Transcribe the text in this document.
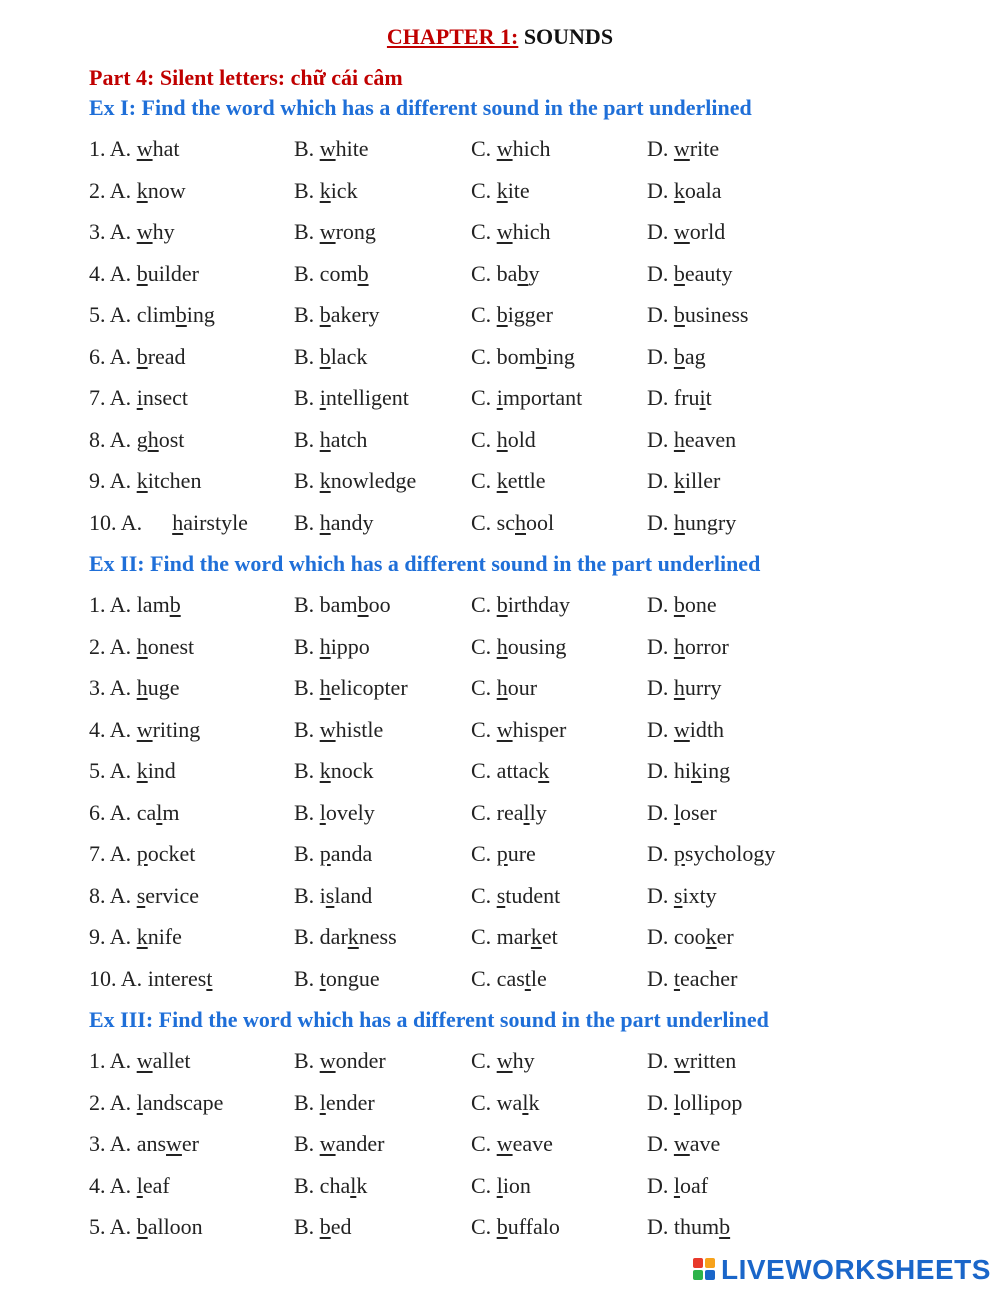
CHAPTER 1: SOUNDS
Part 4: Silent letters: chữ cái câm
Ex I: Find the word which has a different sound in the part underlined
1. A. what	B. white	C. which	D. write
2. A. know	B. kick	C. kite	D. koala
3. A. why	B. wrong	C. which	D. world
4. A. builder	B. comb	C. baby	D. beauty
5. A. climbing	B. bakery	C. bigger	D. business
6. A. bread	B. black	C. bombing	D. bag
7. A. insect	B. intelligent	C. important	D. fruit
8. A. ghost	B. hatch	C. hold	D. heaven
9. A. kitchen	B. knowledge C. kettle	D. killer
10. A. hairstyle B. handy	C. school	D. hungry
Ex II: Find the word which has a different sound in the part underlined
1. A. lamb	B. bamboo	C. birthday	D. bone
2. A. honest	B. hippo	C. housing	D. horror
3. A. huge	B. helicopter	C. hour	D. hurry
4. A. writing	B. whistle	C. whisper	D. width
5. A. kind	B. knock	C. attack	D. hiking
6. A. calm	B. lovely	C. really	D. loser
7. A. pocket	B. panda	C. pure	D. psychology
8. A. service	B. island	C. student	D. sixty
9. A. knife	B. darkness	C. market	D. cooker
10. A. interest	B. tongue	C. castle	D. teacher
Ex III: Find the word which has a different sound in the part underlined
1. A. wallet	B. wonder	C. why	D. written
2. A. landscape	B. lender	C. walk	D. lollipop
3. A. answer	B. wander	C. weave	D. wave
4. A. leaf	B. chalk	C. lion	D. loaf
5. A. balloon	B. bed	C. buffalo	D. thumb
LIVEWORKSHEETS
